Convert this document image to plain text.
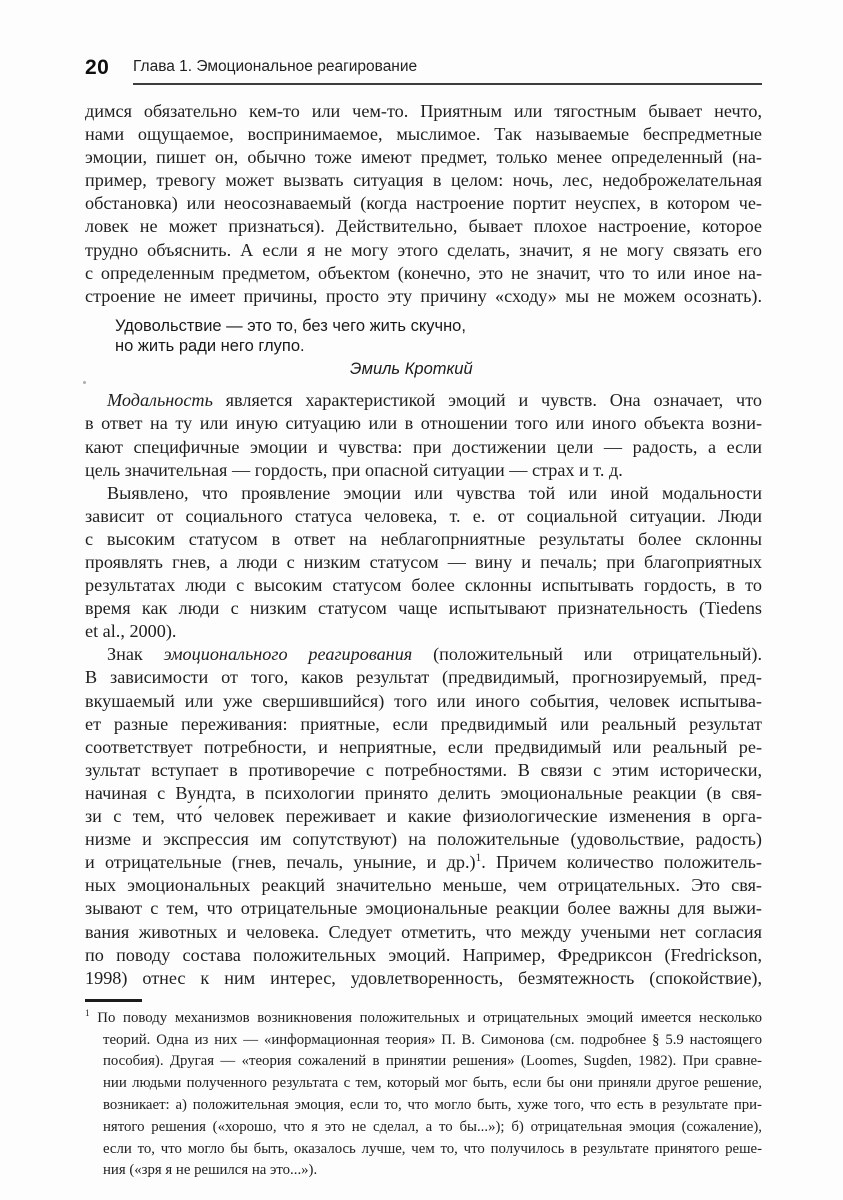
20	Глава 1. Эмоциональное реагирование
димся обязательно кем-то или чем-то. Приятным или тягостным бывает нечто,
нами ощущаемое, воспринимаемое, мыслимое. Так называемые беспредметные
эмоции, пишет он, обычно тоже имеют предмет, только менее определенный (на-
пример, тревогу может вызвать ситуация в целом: ночь, лес, недоброжелательная
обстановка) или неосознаваемый (когда настроение портит неуспех, в котором че-
ловек не может признаться). Действительно, бывает плохое настроение, которое
трудно объяснить. А если я не могу этого сделать, значит, я не могу связать его
с определенным предметом, объектом (конечно, это не значит, что то или иное на-
строение не имеет причины, просто эту причину «сходу» мы не можем осознать).
Удовольствие — это то, без чего жить скучно,
но жить ради него глупо.
Эмиль Кроткий
Модальность является характеристикой эмоций и чувств. Она означает, что
в ответ на ту или иную ситуацию или в отношении того или иного объекта возни-
кают специфичные эмоции и чувства: при достижении цели — радость, а если
цель значительная — гордость, при опасной ситуации — страх и т. д.
Выявлено, что проявление эмоции или чувства той или иной модальности
зависит от социального статуса человека, т. е. от социальной ситуации. Люди
с высоким статусом в ответ на неблагопрниятные результаты более склонны
проявлять гнев, а люди с низким статусом — вину и печаль; при благоприятных
результатах люди с высоким статусом более склонны испытывать гордость, в то
время как люди с низким статусом чаще испытывают признательность (Tiedens
et al., 2000).
Знак эмоционального реагирования (положительный или отрицательный).
В зависимости от того, каков результат (предвидимый, прогнозируемый, пред-
вкушаемый или уже свершившийся) того или иного события, человек испытыва-
ет разные переживания: приятные, если предвидимый или реальный результат
соответствует потребности, и неприятные, если предвидимый или реальный ре-
зультат вступает в противоречие с потребностями. В связи с этим исторически,
начиная с Вундта, в психологии принято делить эмоциональные реакции (в свя-
зи с тем, что́ человек переживает и какие физиологические изменения в орга-
низме и экспрессия им сопутствуют) на положительные (удовольствие, радость)
и отрицательные (гнев, печаль, уныние, и др.)$^1$. Причем количество положитель-
ных эмоциональных реакций значительно меньше, чем отрицательных. Это свя-
зывают с тем, что отрицательные эмоциональные реакции более важны для выжи-
вания животных и человека. Следует отметить, что между учеными нет согласия
по поводу состава положительных эмоций. Например, Фредриксон (Fredrickson,
1998) отнес к ним интерес, удовлетворенность, безмятежность (спокойствие),
$^1$ По поводу механизмов возникновения положительных и отрицательных эмоций имеется несколько
теорий. Одна из них — «информационная теория» П. В. Симонова (см. подробнее § 5.9 настоящего
пособия). Другая — «теория сожалений в принятии решения» (Loomes, Sugden, 1982). При сравне-
нии людьми полученного результата с тем, который мог быть, если бы они приняли другое решение,
возникает: а) положительная эмоция, если то, что могло быть, хуже того, что есть в результате при-
нятого решения («хорошо, что я это не сделал, а то бы...»); б) отрицательная эмоция (сожаление),
если то, что могло бы быть, оказалось лучше, чем то, что получилось в результате принятого реше-
ния («зря я не решился на это...»).
